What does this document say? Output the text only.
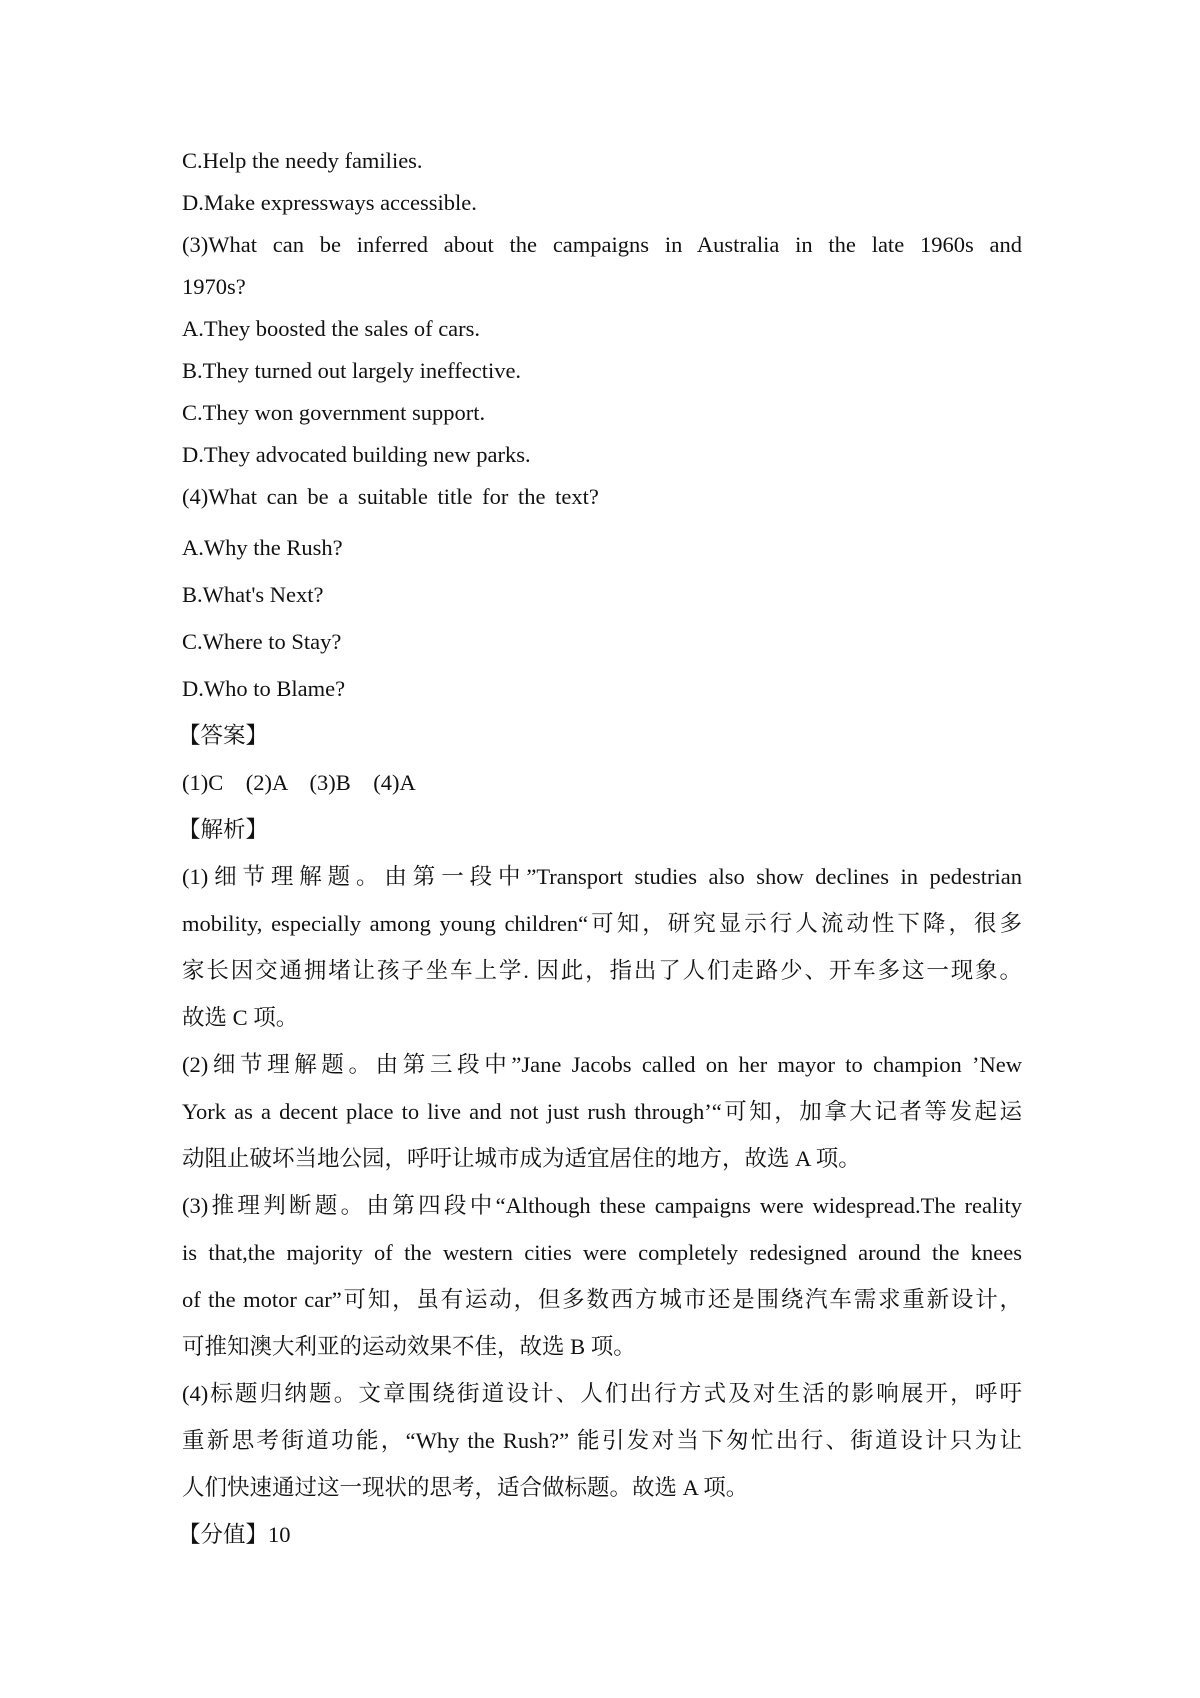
C.Help the needy families.
D.Make expressways accessible.
(3)What can be inferred about the campaigns in Australia in the late 1960s and
1970s?
A.They boosted the sales of cars.
B.They turned out largely ineffective.
C.They won government support.
D.They advocated building new parks.
(4)What can be a suitable title for the text?
A.Why the Rush?
B.What's Next?
C.Where to Stay?
D.Who to Blame?
【答案】
(1)C    (2)A    (3)B    (4)A
【解析】
(1)细节理解题。由第一段中”Transport studies also show declines in pedestrian
mobility, especially among young children“可知，研究显示行人流动性下降，很多
家长因交通拥堵让孩子坐车上学. 因此，指出了人们走路少、开车多这一现象。
故选 C 项。
(2)细节理解题。由第三段中”Jane Jacobs called on her mayor to champion ’New
York as a decent place to live and not just rush through’“可知，加拿大记者等发起运
动阻止破坏当地公园，呼吁让城市成为适宜居住的地方，故选 A 项。
(3)推理判断题。由第四段中“Although these campaigns were widespread.The reality
is that,the majority of the western cities were completely redesigned around the knees
of the motor car”可知，虽有运动，但多数西方城市还是围绕汽车需求重新设计，
可推知澳大利亚的运动效果不佳，故选 B 项。
(4)标题归纳题。文章围绕街道设计、人们出行方式及对生活的影响展开，呼吁
重新思考街道功能，“Why the Rush?” 能引发对当下匆忙出行、街道设计只为让
人们快速通过这一现状的思考，适合做标题。故选 A 项。
【分值】10
